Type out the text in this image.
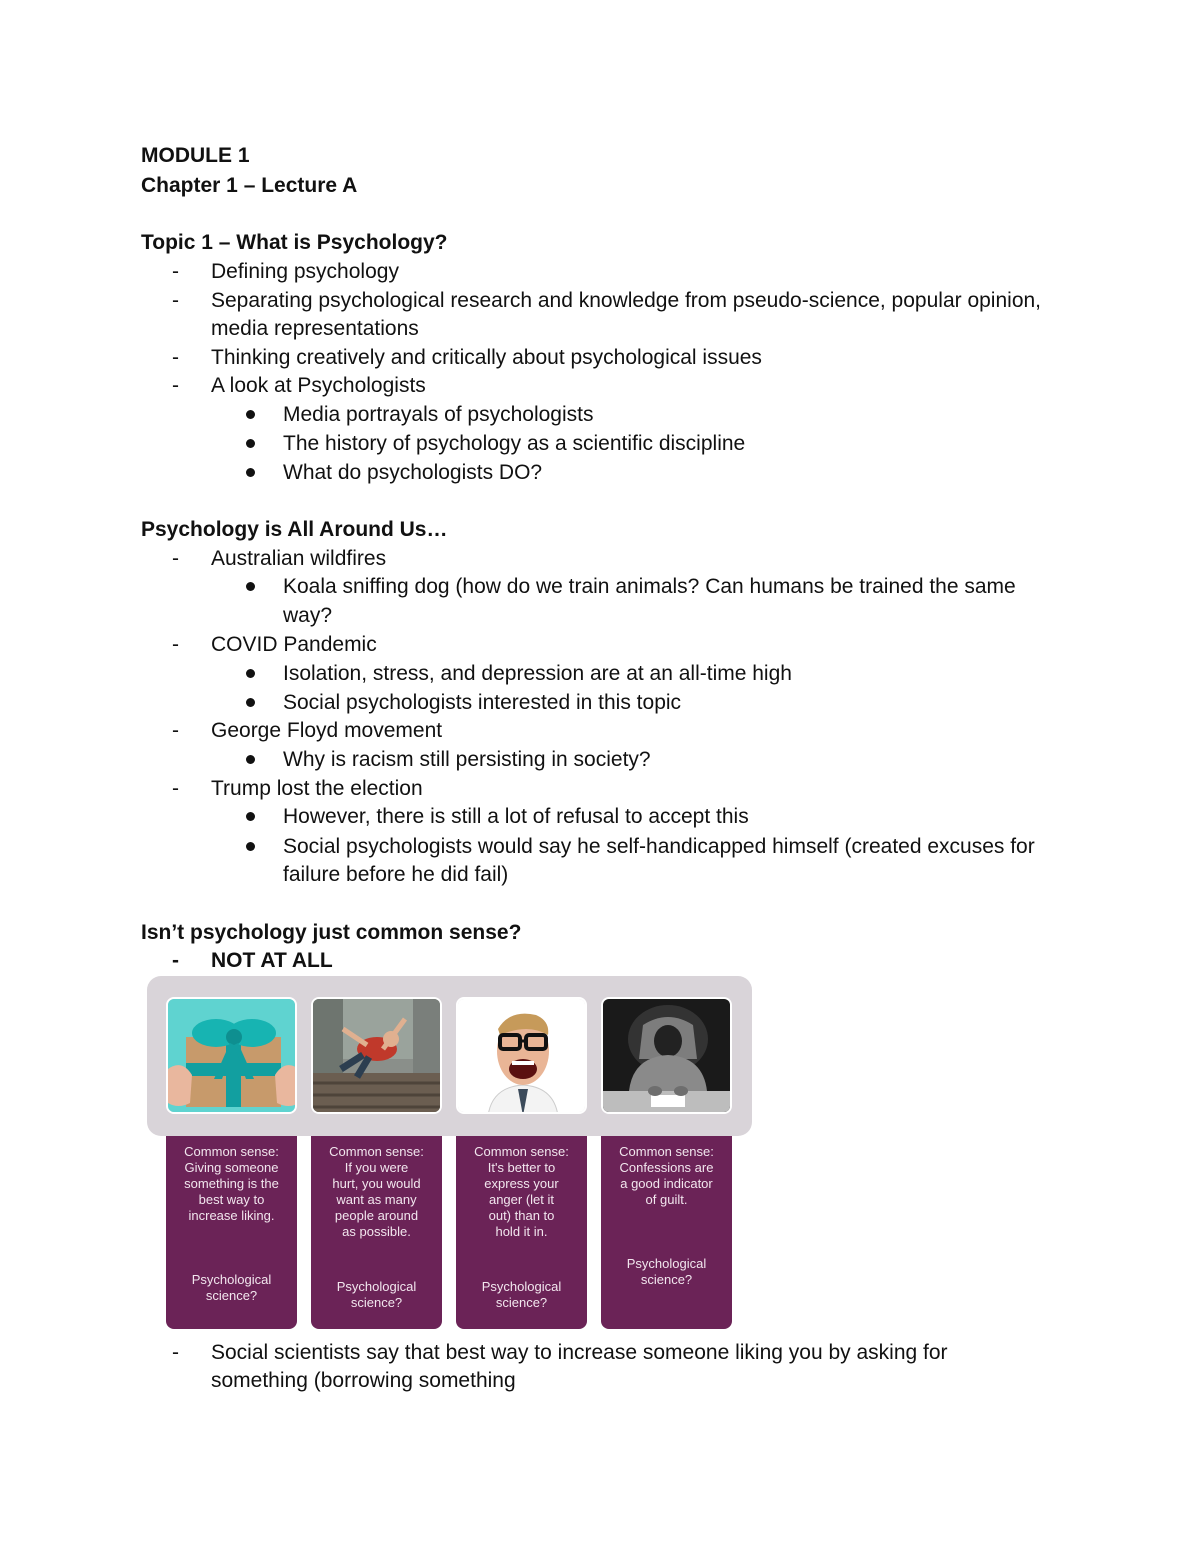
MODULE 1
Chapter 1 – Lecture A
Topic 1 – What is Psychology?
- Defining psychology
- Separating psychological research and knowledge from pseudo-science, popular opinion,
media representations
- Thinking creatively and critically about psychological issues
- A look at Psychologists
Media portrayals of psychologists
The history of psychology as a scientific discipline
What do psychologists DO?
Psychology is All Around Us…
- Australian wildfires
Koala sniffing dog (how do we train animals? Can humans be trained the same
way?
- COVID Pandemic
Isolation, stress, and depression are at an all-time high
Social psychologists interested in this topic
- George Floyd movement
Why is racism still persisting in society?
- Trump lost the election
However, there is still a lot of refusal to accept this
Social psychologists would say he self-handicapped himself (created excuses for
failure before he did fail)
Isn’t psychology just common sense?
- NOT AT ALL
Common sense:
Giving someone
something is the
best way to
increase liking.
Psychological
science?
Common sense:
If you were
hurt, you would
want as many
people around
as possible.
Psychological
science?
Common sense:
It's better to
express your
anger (let it
out) than to
hold it in.
Psychological
science?
Common sense:
Confessions are
a good indicator
of guilt.
Psychological
science?
- Social scientists say that best way to increase someone liking you by asking for
something (borrowing something
